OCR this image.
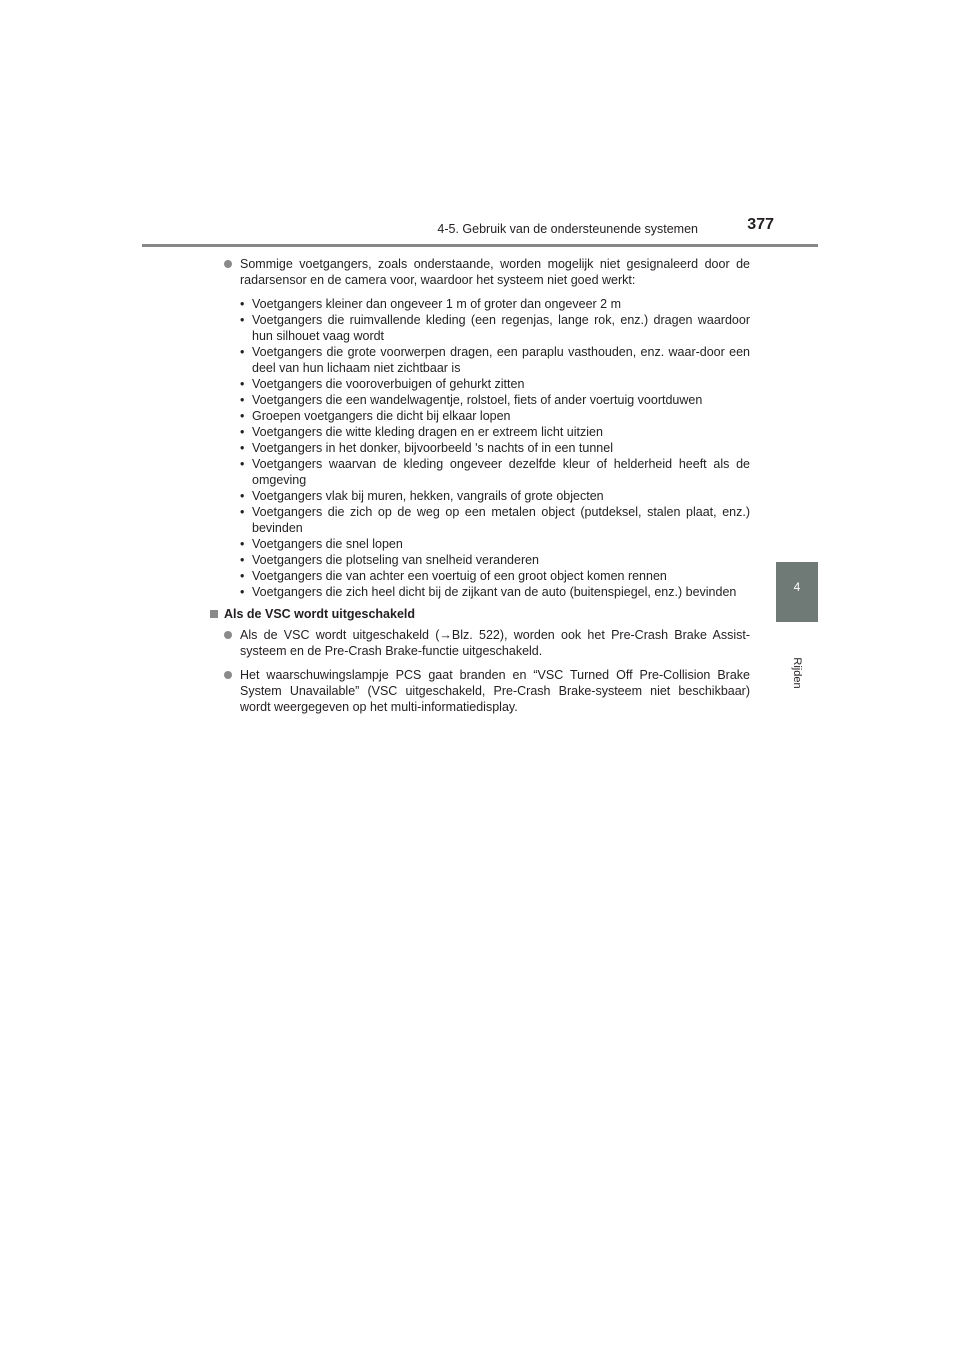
4-5. Gebruik van de ondersteunende systemen	377
4
Rijden
Sommige voetgangers, zoals onderstaande, worden mogelijk niet gesignaleerd door de radarsensor en de camera voor, waardoor het systeem niet goed werkt:
• Voetgangers kleiner dan ongeveer 1 m of groter dan ongeveer 2 m
• Voetgangers die ruimvallende kleding (een regenjas, lange rok, enz.) dragen waardoor hun silhouet vaag wordt
• Voetgangers die grote voorwerpen dragen, een paraplu vasthouden, enz. waar-door een deel van hun lichaam niet zichtbaar is
• Voetgangers die vooroverbuigen of gehurkt zitten
• Voetgangers die een wandelwagentje, rolstoel, fiets of ander voertuig voortduwen
• Groepen voetgangers die dicht bij elkaar lopen
• Voetgangers die witte kleding dragen en er extreem licht uitzien
• Voetgangers in het donker, bijvoorbeeld 's nachts of in een tunnel
• Voetgangers waarvan de kleding ongeveer dezelfde kleur of helderheid heeft als de omgeving
• Voetgangers vlak bij muren, hekken, vangrails of grote objecten
• Voetgangers die zich op de weg op een metalen object (putdeksel, stalen plaat, enz.) bevinden
• Voetgangers die snel lopen
• Voetgangers die plotseling van snelheid veranderen
• Voetgangers die van achter een voertuig of een groot object komen rennen
• Voetgangers die zich heel dicht bij de zijkant van de auto (buitenspiegel, enz.) bevinden
Als de VSC wordt uitgeschakeld
Als de VSC wordt uitgeschakeld (→Blz. 522), worden ook het Pre-Crash Brake Assist-systeem en de Pre-Crash Brake-functie uitgeschakeld.
Het waarschuwingslampje PCS gaat branden en “VSC Turned Off Pre-Collision Brake System Unavailable” (VSC uitgeschakeld, Pre-Crash Brake-systeem niet beschikbaar) wordt weergegeven op het multi-informatiedisplay.
